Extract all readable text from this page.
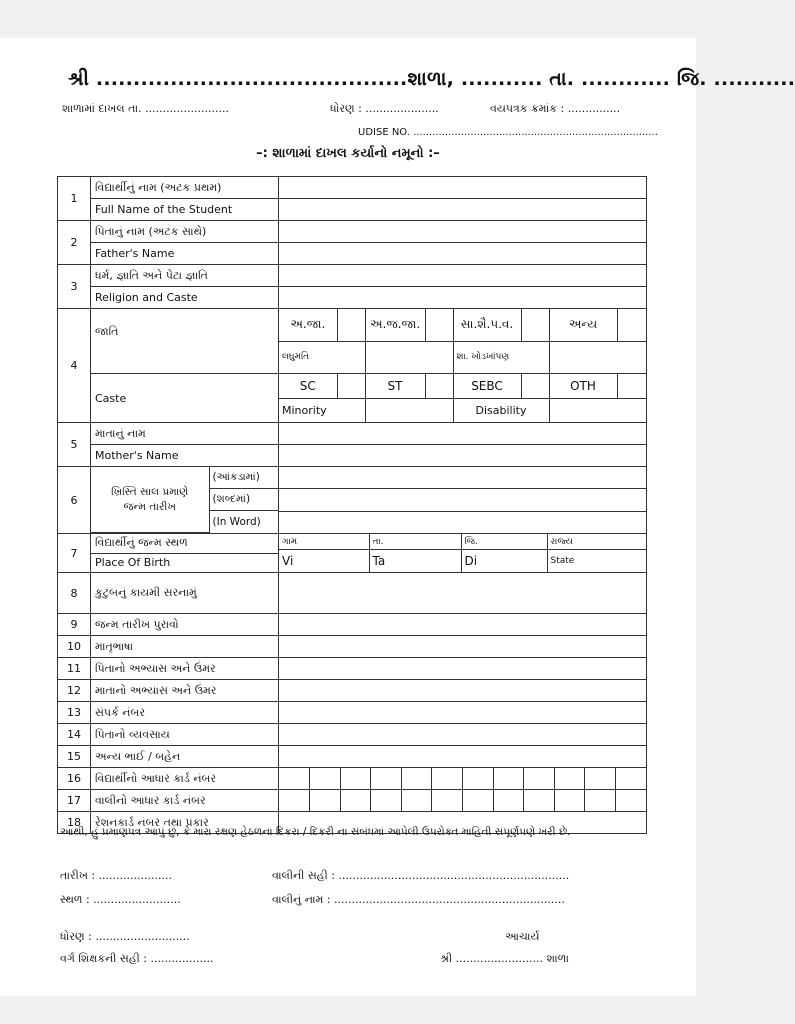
શ્રી ..........................................શાળા, ........... તા. ............ જિ. ...........
શાળામાં દાખલ તા. ........................	ધોરણ : .....................	વયપત્રક ક્રમાંક : ...............
UDISE NO. .............................................................................
–: શાળામાં દાખલ કર્યાનો નમૂનો :–
1	વિદ્યાર્થીનું નામ (અટક પ્રથમ)	
Full Name of the Student	
2	પિતાનું નામ (અટક સાથે)	
Father's Name	
3	ધર્મ, જ્ઞાતિ અને પેટા જ્ઞાતિ	
Religion and Caste	
4	જાતિ	
અ.જા.		અ.જ.જા.		સા.શૈ.પ.વ.		અન્ય	
લઘુમતિ		શા. ખોડખાંપણ	

Caste	
SC		ST		SEBC		OTH	
Minority		Disability	

5	માતાનું નામ	
Mother's Name	
6	
ખ્રિસ્તિ સાલ પ્રમાણે
જન્મ તારીખ	(આંકડામાં)
(શબ્દમાં)
(In Word)

7	વિદ્યાર્થીનું જન્મ સ્થળ		ગામ	તા.	જિ.	રાજ્ય
Vi	Ta	Di	State

Place Of Birth
8	કુટુંબનું કાયમી સરનામું	
9	જન્મ તારીખ પુરાવો	
10	માતૃભાષા	
11	પિતાનો અભ્યાસ અને ઉંમર	
12	માતાનો અભ્યાસ અને ઉંમર	
13	સંપર્ક નંબર	
14	પિતાનો વ્યવસાય	
15	અન્ય ભાઈ / બહેન	
16	વિદ્યાર્થીનો આધાર કાર્ડ નંબર	

17	વાલીનો આધાર કાર્ડ નંબર	

18	રેશનકાર્ડ નંબર તથા પ્રકાર	
આથી, હું પ્રમાણપત્ર આપું છું, કે મારા રક્ષણ હેઠળના દિકરા / દિકરી ના સંબંધમાં આપેલી ઉપરોક્ત માહિતી સંપૂર્ણપણે ખરી છે.
તારીખ : .....................	વાલીની સહી : ..................................................................
સ્થળ : .........................	વાલીનું નામ : ..................................................................
ધોરણ : ...........................	આચાર્ય
વર્ગ શિક્ષકની સહી : ..................	શ્રી ......................... શાળા
